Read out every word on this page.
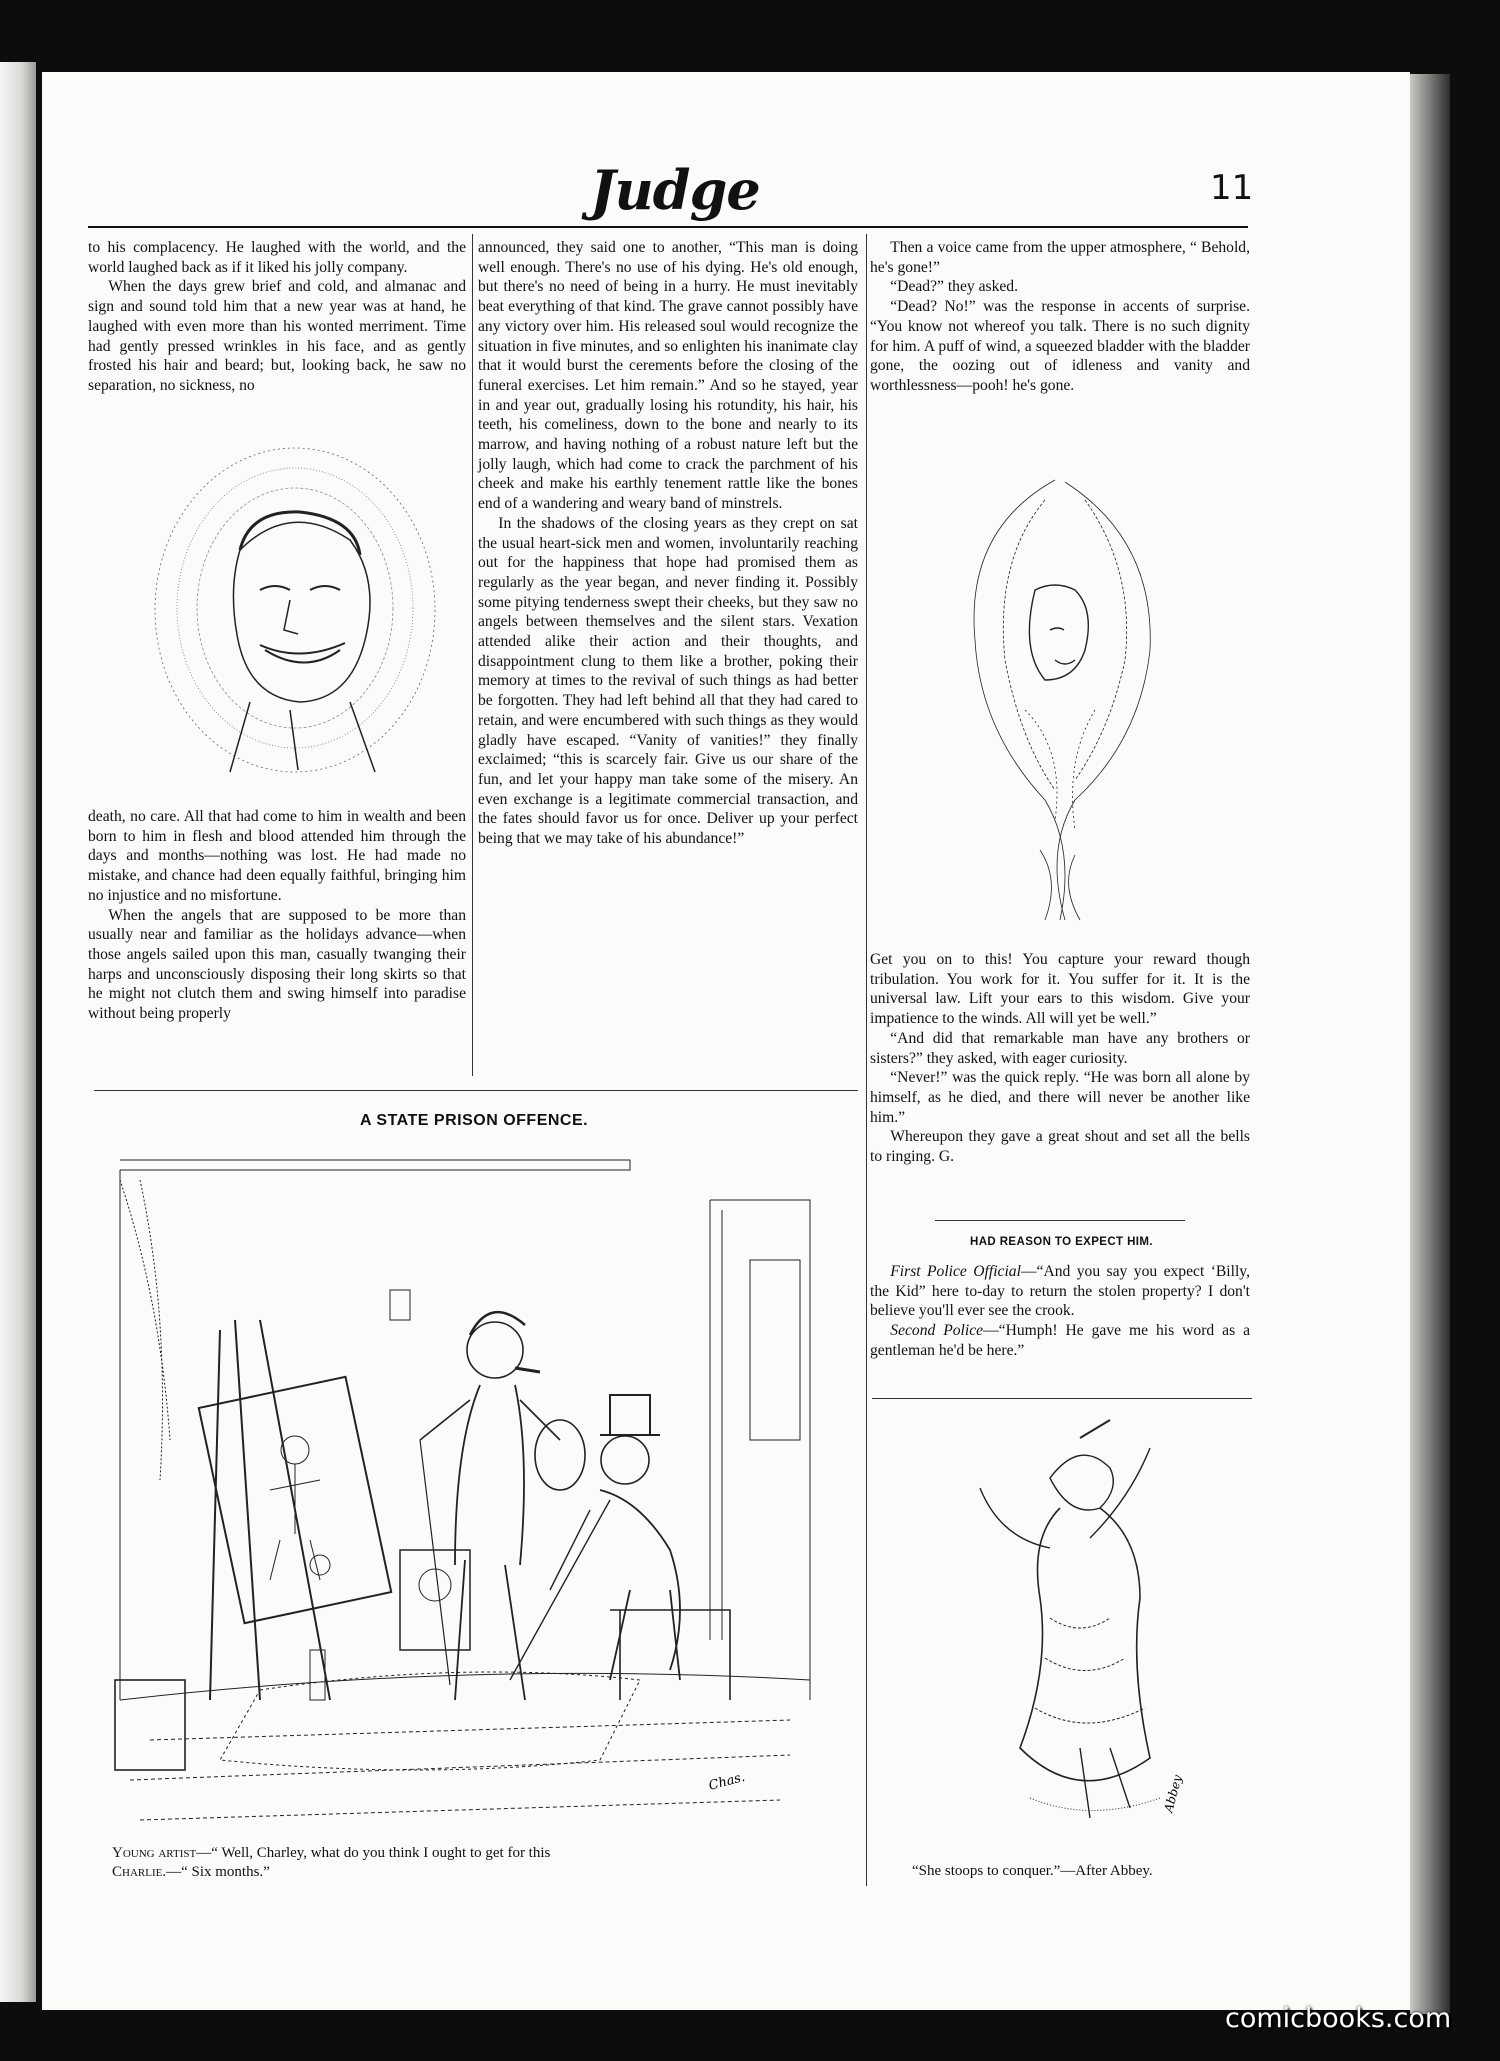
Judge	11

to his complacency. He laughed with the world, and the world laughed back as if it liked his jolly company.

When the days grew brief and cold, and almanac and sign and sound told him that a new year was at hand, he laughed with even more than his wonted merriment. Time had gently pressed wrinkles in his face, and as gently frosted his hair and beard; but, looking back, he saw no separation, no sickness, no

death, no care. All that had come to him in wealth and been born to him in flesh and blood attended him through the days and months—nothing was lost. He had made no mistake, and chance had deen equally faithful, bringing him no injustice and no misfortune.

When the angels that are supposed to be more than usually near and familiar as the holidays advance—when those angels sailed upon this man, casually twanging their harps and unconsciously disposing their long skirts so that he might not clutch them and swing himself into paradise without being properly

announced, they said one to another, “This man is doing well enough. There's no use of his dying. He's old enough, but there's no need of being in a hurry. He must inevitably beat everything of that kind. The grave cannot possibly have any victory over him. His released soul would recognize the situation in five minutes, and so enlighten his inanimate clay that it would burst the cerements before the closing of the funeral exercises. Let him remain.” And so he stayed, year in and year out, gradually losing his rotundity, his hair, his teeth, his comeliness, down to the bone and nearly to its marrow, and having nothing of a robust nature left but the jolly laugh, which had come to crack the parchment of his cheek and make his earthly tenement rattle like the bones end of a wandering and weary band of minstrels.

In the shadows of the closing years as they crept on sat the usual heart-sick men and women, involuntarily reaching out for the happiness that hope had promised them as regularly as the year began, and never finding it. Possibly some pitying tenderness swept their cheeks, but they saw no angels between themselves and the silent stars. Vexation attended alike their action and their thoughts, and disappointment clung to them like a brother, poking their memory at times to the revival of such things as had better be forgotten. They had left behind all that they had cared to retain, and were encumbered with such things as they would gladly have escaped. “Vanity of vanities!” they finally exclaimed; “this is scarcely fair. Give us our share of the fun, and let your happy man take some of the misery. An even exchange is a legitimate commercial transaction, and the fates should favor us for once. Deliver up your perfect being that we may take of his abundance!”

Then a voice came from the upper atmosphere, “ Behold, he's gone!”

“Dead?” they asked.

“Dead? No!” was the response in accents of surprise. “You know not whereof you talk. There is no such dignity for him. A puff of wind, a squeezed bladder with the bladder gone, the oozing out of idleness and vanity and worthlessness—pooh! he's gone.

Get you on to this! You capture your reward though tribulation. You work for it. You suffer for it. It is the universal law. Lift your ears to this wisdom. Give your impatience to the winds. All will yet be well.”

“And did that remarkable man have any brothers or sisters?” they asked, with eager curiosity.

“Never!” was the quick reply. “He was born all alone by himself, as he died, and there will never be another like him.”

Whereupon they gave a great shout and set all the bells to ringing. G.

HAD REASON TO EXPECT HIM.

First Police Official—“And you say you expect ‘Billy, the Kid” here to-day to return the stolen property? I don't believe you'll ever see the crook.

Second Police—“Humph! He gave me his word as a gentleman he'd be here.”

Abbey
“She stoops to conquer.”—After Abbey.
A STATE PRISON OFFENCE.
Chas.
Young artist—“ Well, Charley, what do you think I ought to get for this
Charlie.—“ Six months.”
comicbooks.com
